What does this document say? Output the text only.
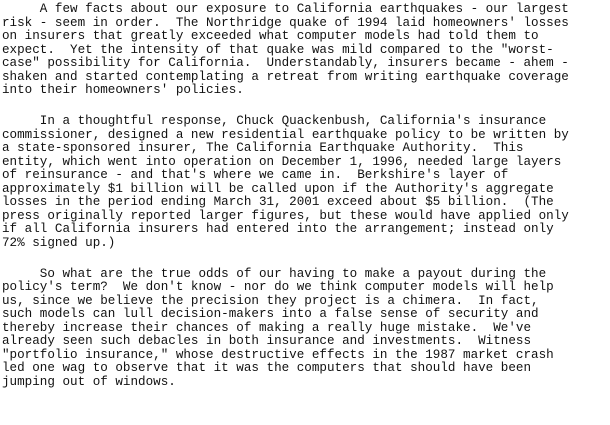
A few facts about our exposure to California earthquakes - our largest
risk - seem in order.  The Northridge quake of 1994 laid homeowners' losses
on insurers that greatly exceeded what computer models had told them to
expect.  Yet the intensity of that quake was mild compared to the "worst-
case" possibility for California.  Understandably, insurers became - ahem -
shaken and started contemplating a retreat from writing earthquake coverage
into their homeowners' policies.
In a thoughtful response, Chuck Quackenbush, California's insurance
commissioner, designed a new residential earthquake policy to be written by
a state-sponsored insurer, The California Earthquake Authority.  This
entity, which went into operation on December 1, 1996, needed large layers
of reinsurance - and that's where we came in.  Berkshire's layer of
approximately $1 billion will be called upon if the Authority's aggregate
losses in the period ending March 31, 2001 exceed about $5 billion.  (The
press originally reported larger figures, but these would have applied only
if all California insurers had entered into the arrangement; instead only
72% signed up.)
So what are the true odds of our having to make a payout during the
policy's term?  We don't know - nor do we think computer models will help
us, since we believe the precision they project is a chimera.  In fact,
such models can lull decision-makers into a false sense of security and
thereby increase their chances of making a really huge mistake.  We've
already seen such debacles in both insurance and investments.  Witness
"portfolio insurance," whose destructive effects in the 1987 market crash
led one wag to observe that it was the computers that should have been
jumping out of windows.
